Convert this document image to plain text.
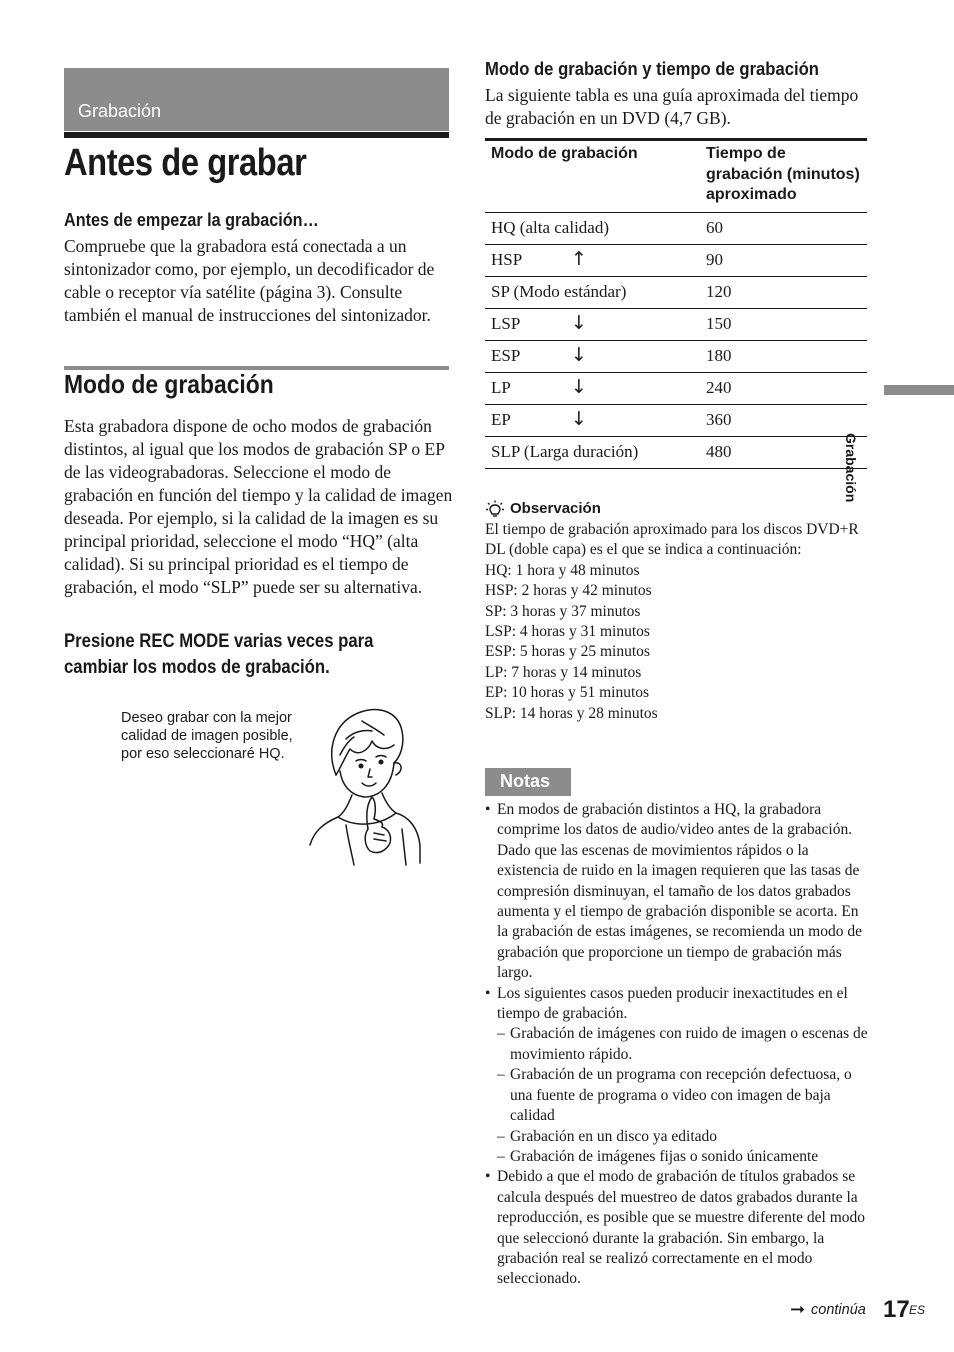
Grabación
Antes de grabar
Antes de empezar la grabación…
Compruebe que la grabadora está conectada a un sintonizador como, por ejemplo, un decodificador de cable o receptor vía satélite (página 3). Consulte también el manual de instrucciones del sintonizador.
Modo de grabación
Esta grabadora dispone de ocho modos de grabación distintos, al igual que los modos de grabación SP o EP de las videograbadoras. Seleccione el modo de grabación en función del tiempo y la calidad de imagen deseada. Por ejemplo, si la calidad de la imagen es su principal prioridad, seleccione el modo “HQ” (alta calidad). Si su principal prioridad es el tiempo de grabación, el modo “SLP” puede ser su alternativa.
Presione REC MODE varias veces para cambiar los modos de grabación.
Deseo grabar con la mejor calidad de imagen posible, por eso seleccionaré HQ.
Modo de grabación y tiempo de grabación
La siguiente tabla es una guía aproximada del tiempo de grabación en un DVD (4,7 GB).
Modo de grabación	Tiempo de grabación (minutos) aproximado
HQ (alta calidad)	60
HSP ↑	90
SP (Modo estándar)	120
LSP ↓	150
ESP ↓	180
LP ↓	240
EP ↓	360
SLP (Larga duración)	480
Observación
El tiempo de grabación aproximado para los discos DVD+R DL (doble capa) es el que se indica a continuación:
HQ: 1 hora y 48 minutos
HSP: 2 horas y 42 minutos
SP: 3 horas y 37 minutos
LSP: 4 horas y 31 minutos
ESP: 5 horas y 25 minutos
LP: 7 horas y 14 minutos
EP: 10 horas y 51 minutos
SLP: 14 horas y 28 minutos
Notas
• En modos de grabación distintos a HQ, la grabadora comprime los datos de audio/video antes de la grabación. Dado que las escenas de movimientos rápidos o la existencia de ruido en la imagen requieren que las tasas de compresión disminuyan, el tamaño de los datos grabados aumenta y el tiempo de grabación disponible se acorta. En la grabación de estas imágenes, se recomienda un modo de grabación que proporcione un tiempo de grabación más largo.
• Los siguientes casos pueden producir inexactitudes en el tiempo de grabación.
– Grabación de imágenes con ruido de imagen o escenas de movimiento rápido.
– Grabación de un programa con recepción defectuosa, o una fuente de programa o video con imagen de baja calidad
– Grabación en un disco ya editado
– Grabación de imágenes fijas o sonido únicamente
• Debido a que el modo de grabación de títulos grabados se calcula después del muestreo de datos grabados durante la reproducción, es posible que se muestre diferente del modo que seleccionó durante la grabación. Sin embargo, la grabación real se realizó correctamente en el modo seleccionado.
Grabación
➞ continúa 17 ES
